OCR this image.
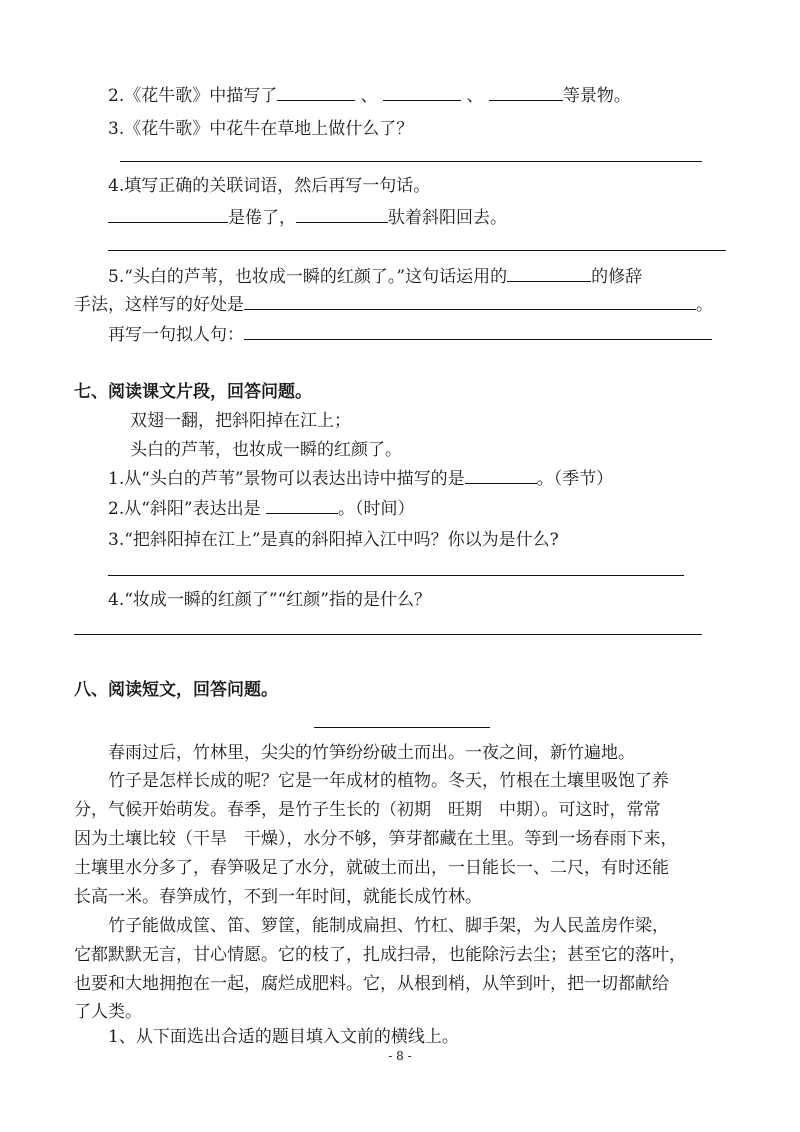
2.《花牛歌》中描写了	、	、	等景物。
3.《花牛歌》中花牛在草地上做什么了？
4.填写正确的关联词语，然后再写一句话。
是倦了，	驮着斜阳回去。
5.“头白的芦苇，也妆成一瞬的红颜了。”这句话运用的	的修辞
手法，这样写的好处是	。
再写一句拟人句：
七、阅读课文片段，回答问题。
双翅一翻，把斜阳掉在江上；
头白的芦苇，也妆成一瞬的红颜了。
1.从“头白的芦苇”景物可以表达出诗中描写的是	。（季节）
2.从“斜阳”表达出是	。（时间）
3.“把斜阳掉在江上”是真的斜阳掉入江中吗？你以为是什么?
4.“妆成一瞬的红颜了”“红颜”指的是什么？
八、阅读短文，回答问题。
春雨过后，竹林里，尖尖的竹笋纷纷破土而出。一夜之间，新竹遍地。
竹子是怎样长成的呢？它是一年成材的植物。冬天，竹根在土壤里吸饱了养
分，气候开始萌发。春季，是竹子生长的（初期　旺期　中期）。可这时，常常
因为土壤比较（干旱　干燥），水分不够，笋芽都藏在土里。等到一场春雨下来，
土壤里水分多了，春笋吸足了水分，就破土而出，一日能长一、二尺，有时还能
长高一米。春笋成竹，不到一年时间，就能长成竹林。
竹子能做成筐、笛、箩筐，能制成扁担、竹杠、脚手架，为人民盖房作梁，
它都默默无言，甘心情愿。它的枝了，扎成扫帚，也能除污去尘；甚至它的落叶，
也要和大地拥抱在一起，腐烂成肥料。它，从根到梢，从竿到叶，把一切都献给
了人类。
1、从下面选出合适的题目填入文前的横线上。
- 8 -
